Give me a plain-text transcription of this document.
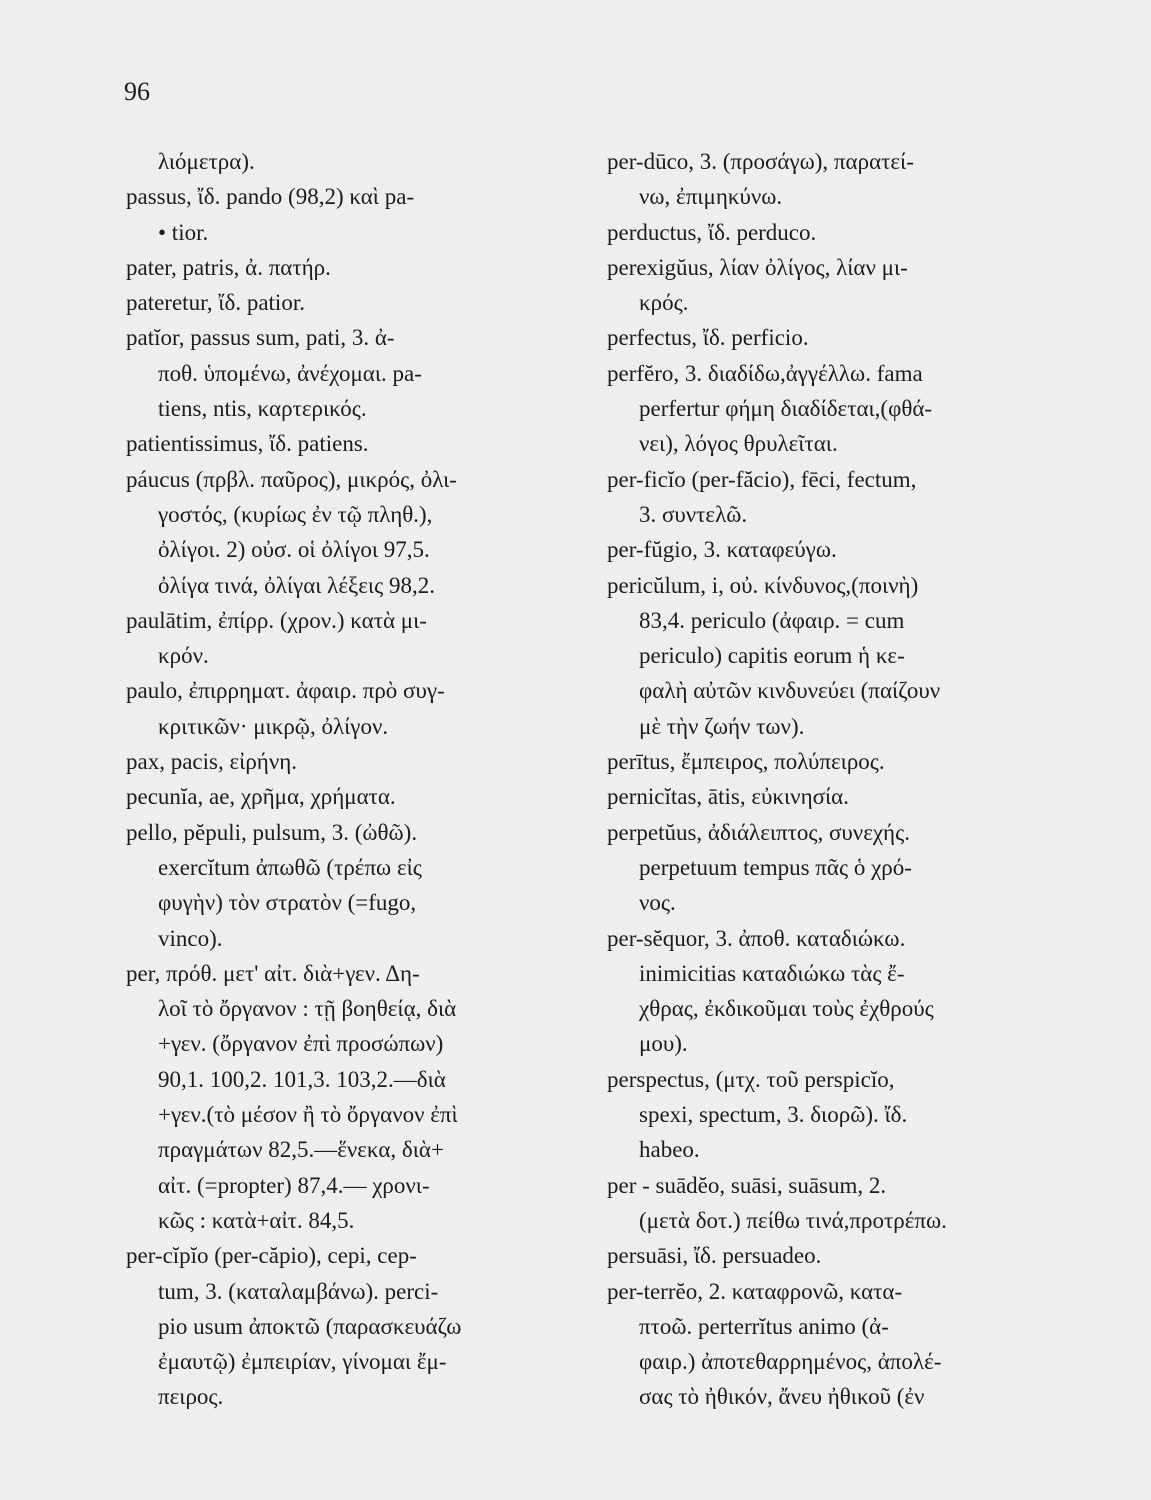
96
λιόμετρα).
passus, ἴδ. pando (98,2) καὶ pa-
• tior.
pater, patris, ἀ. πατήρ.
pateretur, ἴδ. patior.
patĭor, passus sum, pati, 3. ἀ-
ποθ. ὑπομένω, ἀνέχομαι. pa-
tiens, ntis, καρτερικός.
patientissimus, ἴδ. patiens.
páucus (πρβλ. παῦρος), μικρός, ὀλι-
γοστός, (κυρίως ἐν τῷ πληθ.),
ὀλίγοι. 2) οὐσ. οἱ ὀλίγοι 97,5.
ὀλίγα τινά, ὀλίγαι λέξεις 98,2.
paulātim, ἐπίρρ. (χρον.) κατὰ μι-
κρόν.
paulo, ἐπιρρηματ. ἀφαιρ. πρὸ συγ-
κριτικῶν· μικρῷ, ὀλίγον.
pax, pacis, εἰρήνη.
pecunĭa, ae, χρῆμα, χρήματα.
pello, pĕpuli, pulsum, 3. (ὠθῶ).
exercĭtum ἀπωθῶ (τρέπω εἰς
φυγὴν) τὸν στρατὸν (=fugo,
vinco).
per, πρόθ. μετ' αἰτ. διὰ+γεν. Δη-
λοῖ τὸ ὄργανον : τῇ βοηθείᾳ, διὰ
+γεν. (ὄργανον ἐπὶ προσώπων)
90,1. 100,2. 101,3. 103,2.—διὰ
+γεν.(τὸ μέσον ἢ τὸ ὄργανον ἐπὶ
πραγμάτων 82,5.—ἕνεκα, διὰ+
αἰτ. (=propter) 87,4.— χρονι-
κῶς : κατὰ+αἰτ. 84,5.
per-cĭpĭo (per-căpio), cepi, cep-
tum, 3. (καταλαμβάνω). perci-
pio usum ἀποκτῶ (παρασκευάζω
ἐμαυτῷ) ἐμπειρίαν, γίνομαι ἔμ-
πειρος.
per-dūco, 3. (προσάγω), παρατεί-
νω, ἐπιμηκύνω.
perductus, ἴδ. perduco.
perexigŭus, λίαν ὀλίγος, λίαν μι-
κρός.
perfectus, ἴδ. perficio.
perfĕro, 3. διαδίδω,ἀγγέλλω. fama
perfertur φήμη διαδίδεται,(φθά-
νει), λόγος θρυλεῖται.
per-ficĭo (per-făcio), fēci, fectum,
3. συντελῶ.
per-fŭgio, 3. καταφεύγω.
pericŭlum, i, οὐ. κίνδυνος,(ποινὴ)
83,4. periculo (ἀφαιρ. = cum
periculo) capitis eorum ἡ κε-
φαλὴ αὐτῶν κινδυνεύει (παίζουν
μὲ τὴν ζωήν των).
perītus, ἔμπειρος, πολύπειρος.
pernicĭtas, ātis, εὐκινησία.
perpetŭus, ἀδιάλειπτος, συνεχής.
perpetuum tempus πᾶς ὁ χρό-
νος.
per-sĕquor, 3. ἀποθ. καταδιώκω.
inimicitias καταδιώκω τὰς ἔ-
χθρας, ἐκδικοῦμαι τοὺς ἐχθρούς
μου).
perspectus, (μτχ. τοῦ perspicĭo,
spexi, spectum, 3. διορῶ). ἴδ.
habeo.
per - suādĕo, suāsi, suāsum, 2.
(μετὰ δοτ.) πείθω τινά,προτρέπω.
persuāsi, ἴδ. persuadeo.
per-terrĕo, 2. καταφρονῶ, κατα-
πτοῶ. perterrĭtus animo (ἀ-
φαιρ.) ἀποτεθαρρημένος, ἀπολέ-
σας τὸ ἠθικόν, ἄνευ ἠθικοῦ (ἐν
